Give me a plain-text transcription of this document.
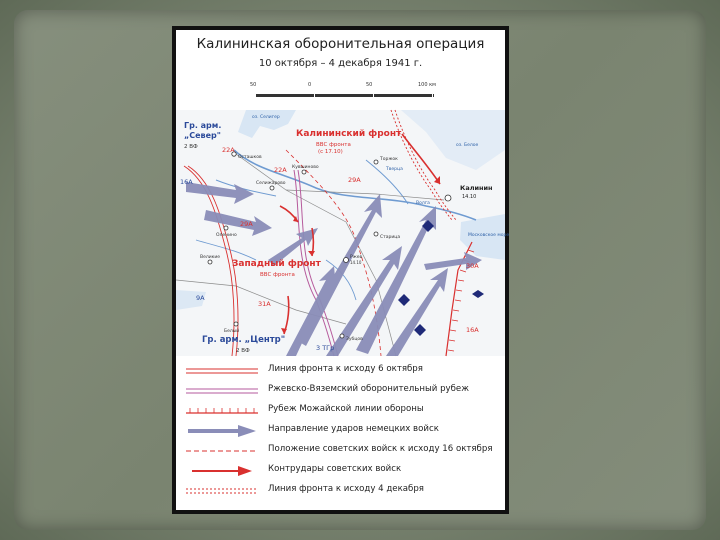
Калининская оборонительная операция
10 октября – 4 декабря 1941 г.
50	0	50	100 км
Гр. арм.
„Север"
2 ВФ
Калининский фронт
ВВС фронта
(с 17.10)
Западный фронт
ВВС фронта
Гр. арм. „Центр"
2 ВФ
22А
22А
29А
29А
30А
31А
9А
16А
16А
3 ТГр
Калинин
14.10
Осташков	Торжок
Ржев
14.10
Старица
Зубцов
Селижарово
Кувшиново
Великие
Белый
Оленино
Волга
Тверца
оз. Селигер
Московское море
оз. Белое
Линия фронта к исходу 6 октября
Ржевско-Вяземский оборонительный рубеж
Рубеж Можайской линии обороны
Направление ударов немецких войск
Положение советских войск к исходу 16 октября
Контрудары советских войск
Линия фронта к исходу 4 декабря
